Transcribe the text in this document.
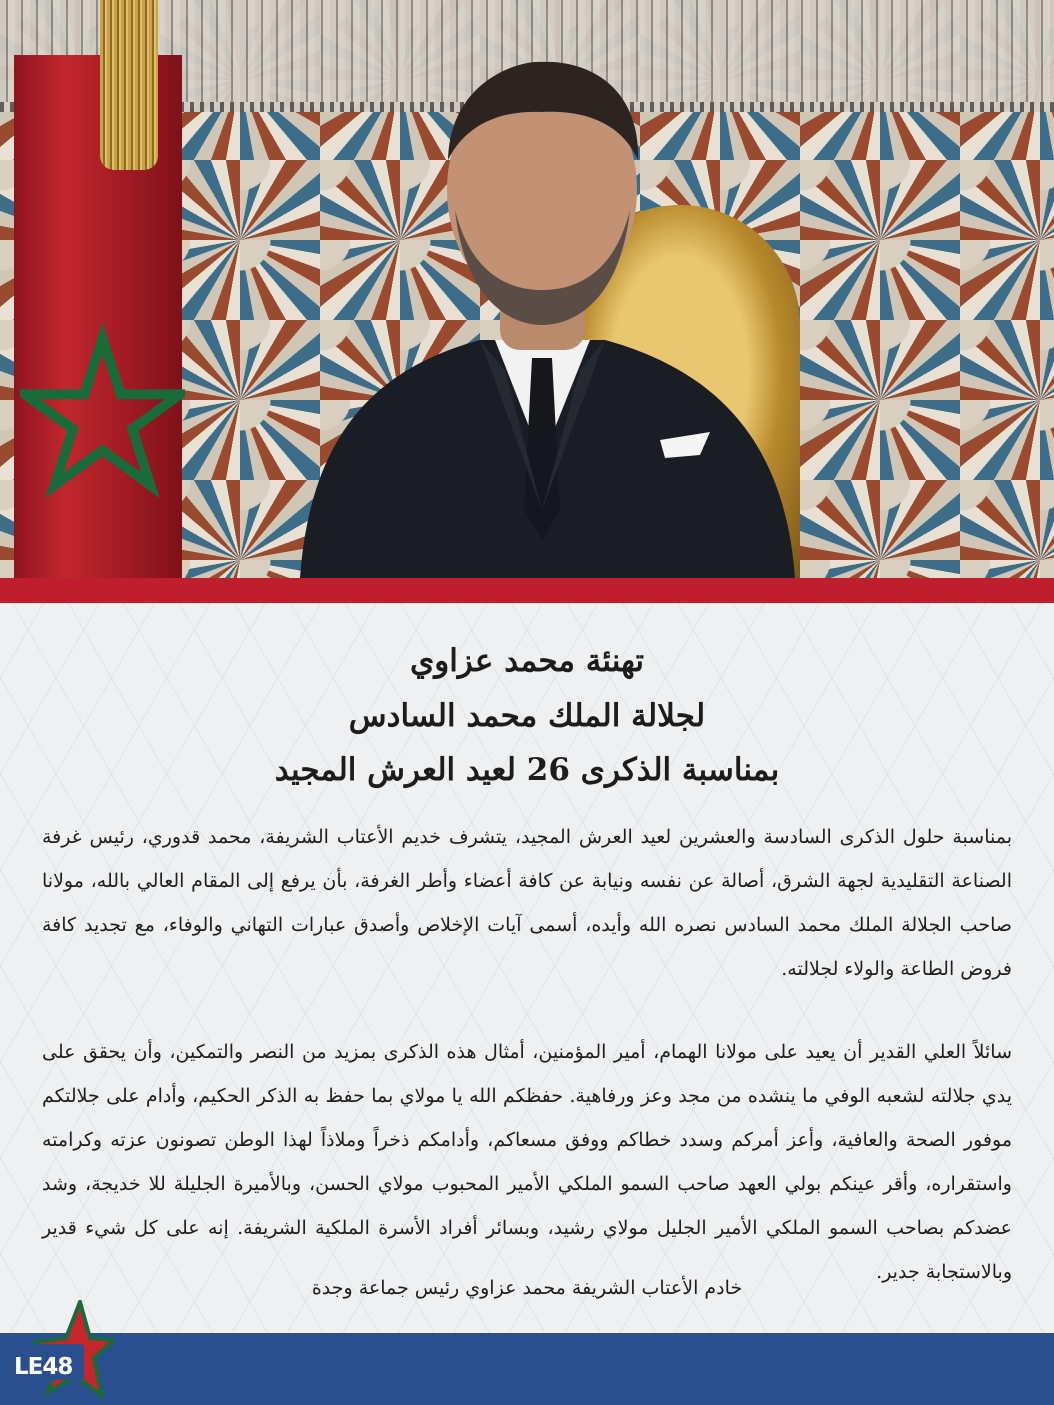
تهنئة محمد عزاوي
لجلالة الملك محمد السادس
بمناسبة الذكرى 26 لعيد العرش المجيد

بمناسبة حلول الذكرى السادسة والعشرين لعيد العرش المجيد، يتشرف خديم الأعتاب الشريفة، محمد قدوري، رئيس غرفة الصناعة التقليدية لجهة الشرق، أصالة عن نفسه ونيابة عن كافة أعضاء وأطر الغرفة، بأن يرفع إلى المقام العالي بالله، مولانا صاحب الجلالة الملك محمد السادس نصره الله وأيده، أسمى آيات الإخلاص وأصدق عبارات التهاني والوفاء، مع تجديد كافة فروض الطاعة والولاء لجلالته.

سائلاً العلي القدير أن يعيد على مولانا الهمام، أمير المؤمنين، أمثال هذه الذكرى بمزيد من النصر والتمكين، وأن يحقق على يدي جلالته لشعبه الوفي ما ينشده من مجد وعز ورفاهية. حفظكم الله يا مولاي بما حفظ به الذكر الحكيم، وأدام على جلالتكم موفور الصحة والعافية، وأعز أمركم وسدد خطاكم ووفق مسعاكم، وأدامكم ذخراً وملاذاً لهذا الوطن تصونون عزته وكرامته واستقراره، وأقر عينكم بولي العهد صاحب السمو الملكي الأمير المحبوب مولاي الحسن، وبالأميرة الجليلة للا خديجة، وشد عضدكم بصاحب السمو الملكي الأمير الجليل مولاي رشيد، وبسائر أفراد الأسرة الملكية الشريفة. إنه على كل شيء قدير وبالاستجابة جدير.

خادم الأعتاب الشريفة محمد عزاوي رئيس جماعة وجدة

LE48
